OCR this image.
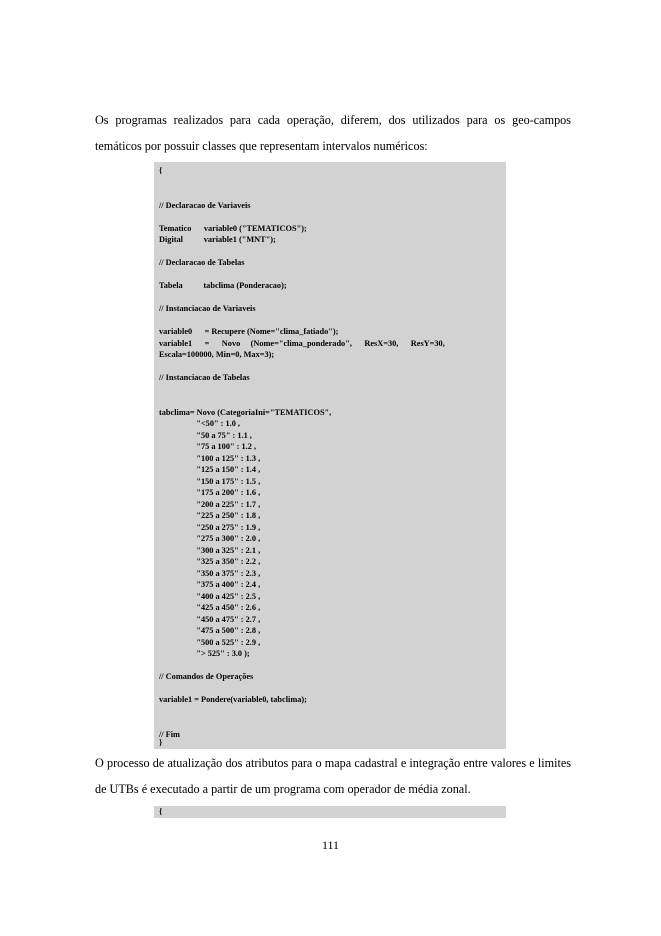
Os programas realizados para cada operação, diferem, dos utilizados para os geo-campos temáticos por possuir classes que representam intervalos numéricos:

{

// Declaracao de Variaveis

Tematico      variable0 ("TEMATICOS");
Digital          variable1 ("MNT");

// Declaracao de Tabelas

Tabela          tabclima (Ponderacao);

// Instanciacao de Variaveis

variable0      = Recupere (Nome="clima_fatiado");
variable1      =      Novo     (Nome="clima_ponderado",      ResX=30,      ResY=30,
Escala=100000, Min=0, Max=3);

// Instanciacao de Tabelas

tabclima= Novo (CategoriaIni="TEMATICOS",
"<50" : 1.0 ,
"50 a 75" : 1.1 ,
"75 a 100" : 1.2 ,
"100 a 125" : 1.3 ,
"125 a 150" : 1.4 ,
"150 a 175" : 1.5 ,
"175 a 200" : 1.6 ,
"200 a 225" : 1.7 ,
"225 a 250" : 1.8 ,
"250 a 275" : 1.9 ,
"275 a 300" : 2.0 ,
"300 a 325" : 2.1 ,
"325 a 350" : 2.2 ,
"350 a 375" : 2.3 ,
"375 a 400" : 2.4 ,
"400 a 425" : 2.5 ,
"425 a 450" : 2.6 ,
"450 a 475" : 2.7 ,
"475 a 500" : 2.8 ,
"500 a 525" : 2.9 ,
"> 525" : 3.0 );

// Comandos de Operações

variable1 = Pondere(variable0, tabclima);

// Fim
}

O processo de atualização dos atributos para o mapa cadastral e integração entre valores e limites de UTBs é executado a partir de um programa com operador de média zonal.

{
111
